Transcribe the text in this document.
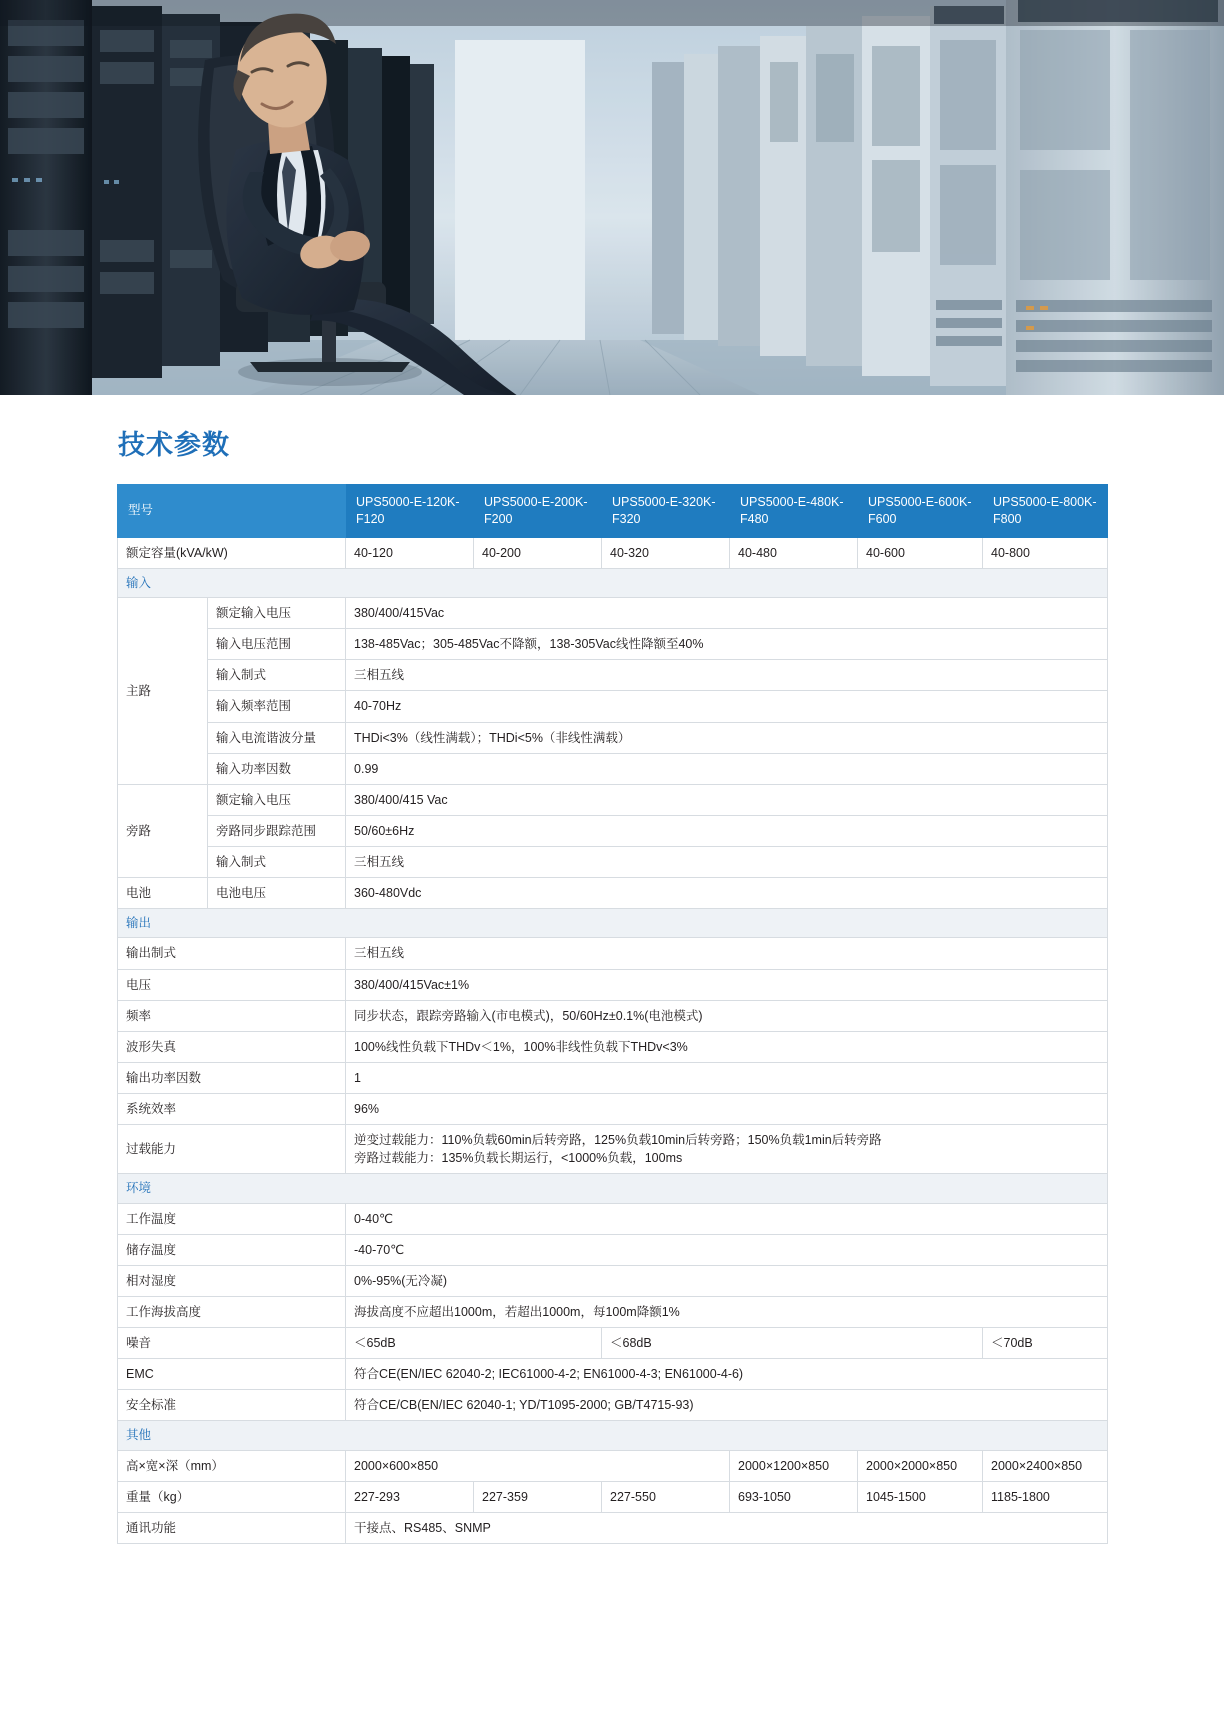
技术参数
型号		UPS5000-E-120K-F120	UPS5000-E-200K-F200	UPS5000-E-320K-F320	UPS5000-E-480K-F480	UPS5000-E-600K-F600	UPS5000-E-800K-F800
额定容量(kVA/kW)		40-120	40-200	40-320	40-480	40-600	40-800
输入							
主路	额定输入电压	380/400/415Vac					
	输入电压范围	138-485Vac；305-485Vac不降额，138-305Vac线性降额至40%					
	输入制式	三相五线					
	输入频率范围	40-70Hz					
	输入电流谐波分量	THDi<3%（线性满载）；THDi<5%（非线性满载）					
	输入功率因数	0.99					
旁路	额定输入电压	380/400/415 Vac					
	旁路同步跟踪范围	50/60±6Hz					
	输入制式	三相五线					
电池	电池电压	360-480Vdc					
输出							
输出制式		三相五线					
电压		380/400/415Vac±1%					
频率		同步状态，跟踪旁路输入(市电模式)，50/60Hz±0.1%(电池模式)					
波形失真		100%线性负载下THDv＜1%，100%非线性负载下THDv<3%					
输出功率因数		1					
系统效率		96%					
过载能力		逆变过载能力：110%负载60min后转旁路，125%负载10min后转旁路；150%负载1min后转旁路
旁路过载能力：135%负载长期运行，<1000%负载，100ms					

环境							
工作温度		0-40℃					
储存温度		-40-70℃					
相对湿度		0%-95%(无冷凝)					
工作海拔高度		海拔高度不应超出1000m，若超出1000m，每100m降额1%					
噪音		＜65dB		＜68dB			＜70dB
EMC		符合CE(EN/IEC 62040-2; IEC61000-4-2; EN61000-4-3; EN61000-4-6)					
安全标准		符合CE/CB(EN/IEC 62040-1; YD/T1095-2000; GB/T4715-93)					
其他							
高×宽×深（mm）		2000×600×850			2000×1200×850	2000×2000×850	2000×2400×850
重量（kg）		227-293	227-359	227-550	693-1050	1045-1500	1185-1800
通讯功能		干接点、RS485、SNMP					
